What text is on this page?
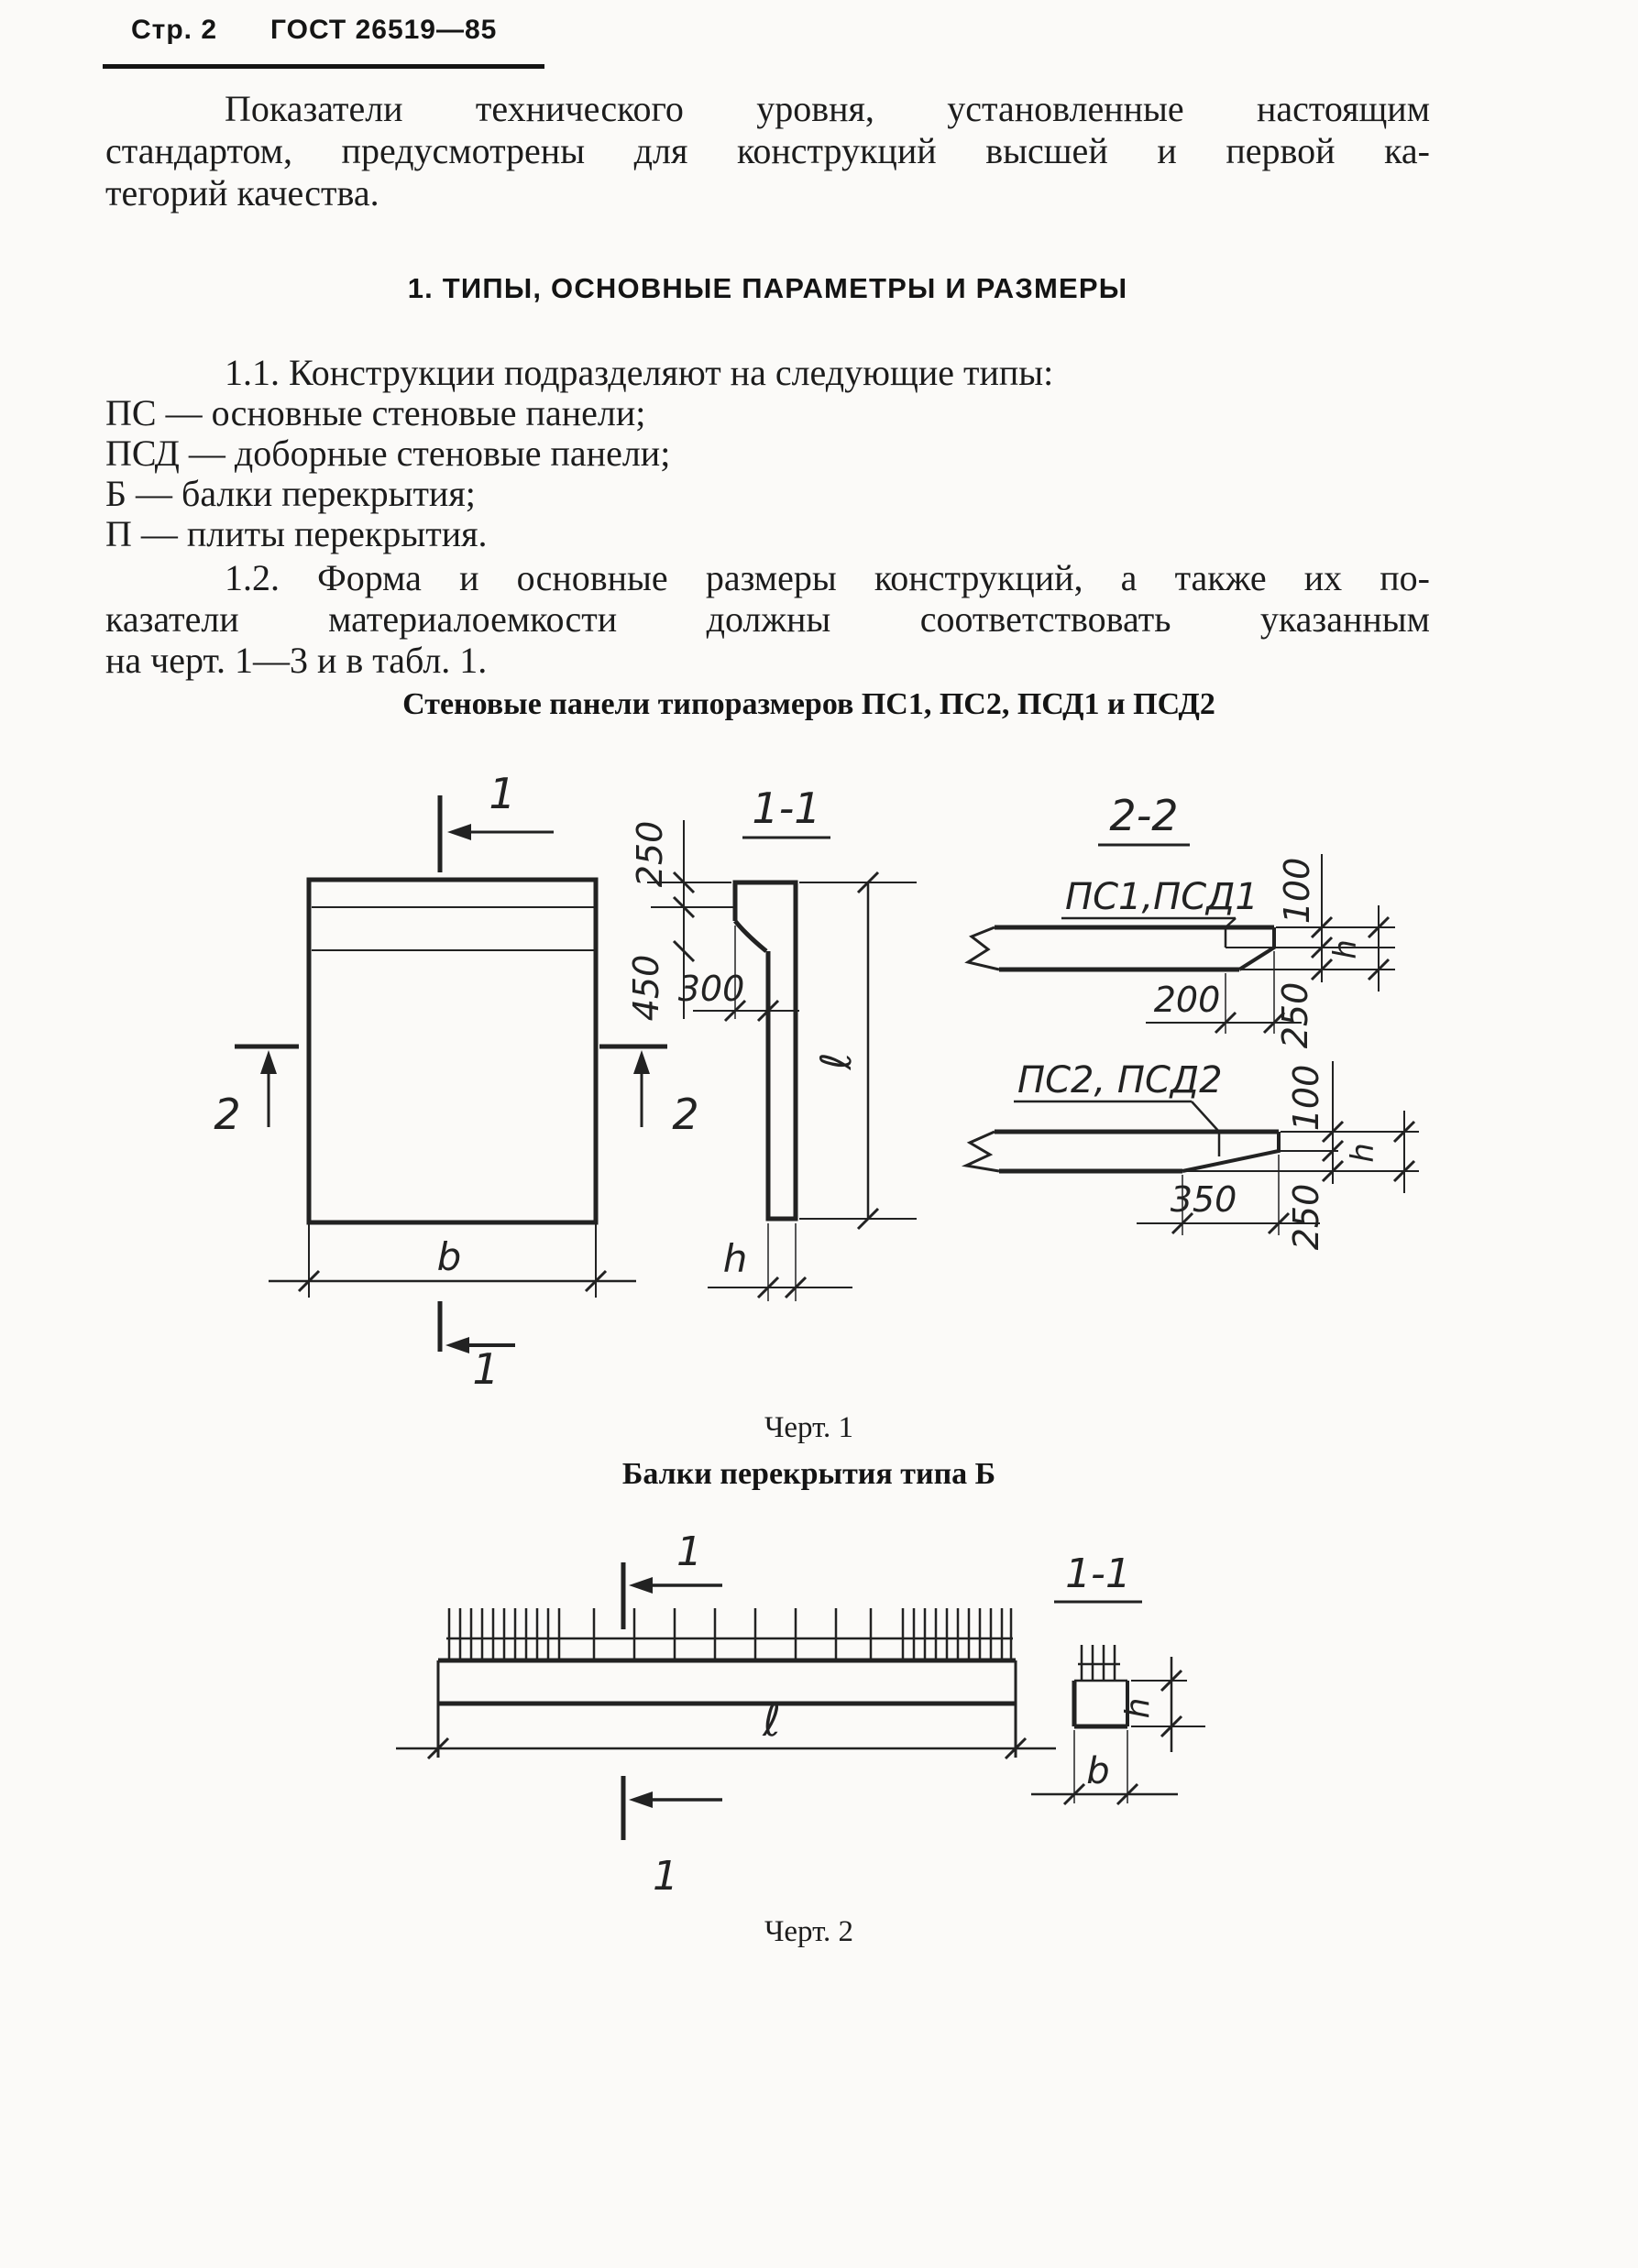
Стр. 2 ГОСТ 26519—85
Показатели технического уровня, установленные настоящим
стандартом, предусмотрены для конструкций высшей и первой ка-
тегорий качества.
1. ТИПЫ, ОСНОВНЫЕ ПАРАМЕТРЫ И РАЗМЕРЫ
1.1. Конструкции подразделяют на следующие типы:
ПС — основные стеновые панели;
ПСД — доборные стеновые панели;
Б — балки перекрытия;
П — плиты перекрытия.
1.2. Форма и основные размеры конструкций, а также их по-
казатели материалоемкости должны соответствовать указанным
на черт. 1—3 и в табл. 1.
Стеновые панели типоразмеров ПС1, ПС2, ПСД1 и ПСД2
b
1
2	2
1
1-1
250
450 300
ℓ
h
2-2
ПС1,ПСД1 100
250
h
200
ПС2, ПСД2 100
250
h
350
Черт. 1
Балки перекрытия типа Б
1
ℓ
1
1-1
h
b
Черт. 2
